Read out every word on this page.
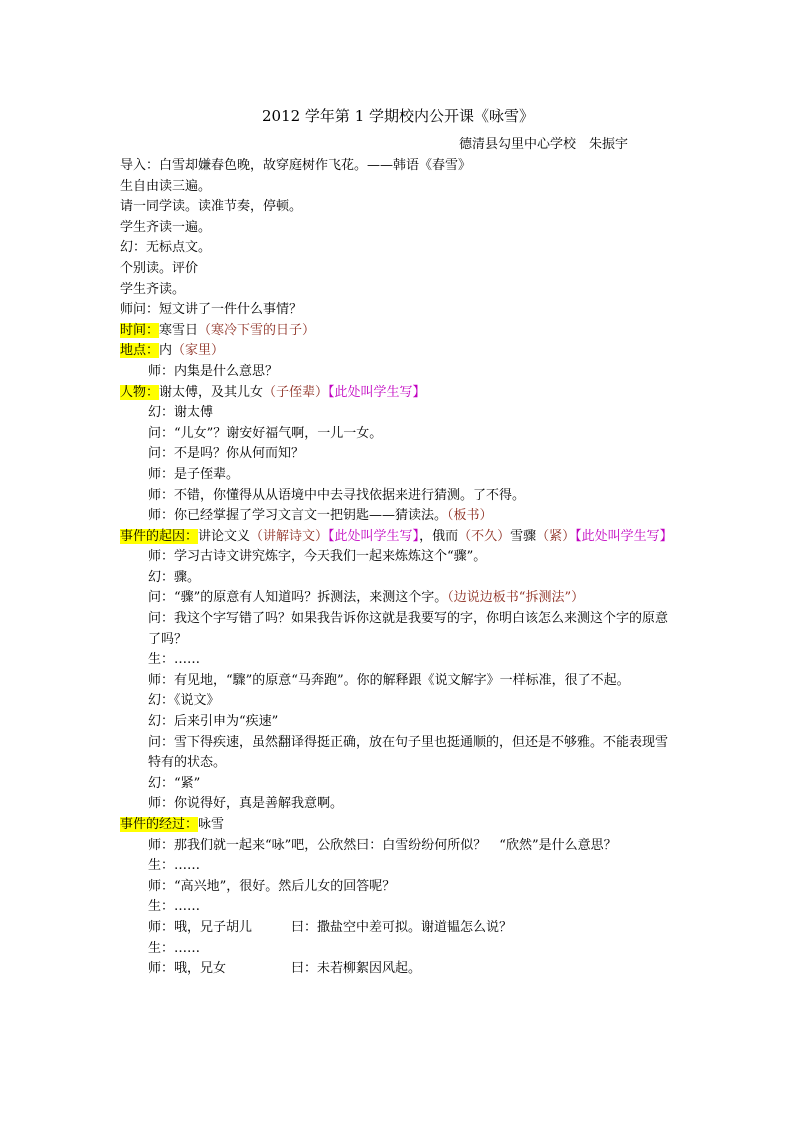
2012 学年第 1 学期校内公开课《咏雪》
德清县勾里中心学校　朱振宇
导入：白雪却嫌春色晚，故穿庭树作飞花。——韩语《春雪》
生自由读三遍。
请一同学读。读准节奏，停顿。
学生齐读一遍。
幻：无标点文。
个别读。评价
学生齐读。
师问：短文讲了一件什么事情？
时间：寒雪日（寒冷下雪的日子）
地点：内（家里）
师：内集是什么意思？
人物：谢太傅，及其儿女（子侄辈）【此处叫学生写】
幻：谢太傅
问：“儿女”？谢安好福气啊，一儿一女。
问：不是吗？你从何而知？
师：是子侄辈。
师：不错，你懂得从从语境中中去寻找依据来进行猜测。了不得。
师：你已经掌握了学习文言文一把钥匙——猜读法。（板书）
事件的起因：讲论文义（讲解诗文）【此处叫学生写】，俄而（不久）雪骤（紧）【此处叫学生写】
师：学习古诗文讲究炼字，今天我们一起来炼炼这个“骤”。
幻：骤。
问：“骤”的原意有人知道吗？拆测法，来测这个字。（边说边板书“拆测法”）
问：我这个字写错了吗？如果我告诉你这就是我要写的字，你明白该怎么来测这个字的原意了吗？
生：……
师：有见地，“驟”的原意“马奔跑”。你的解释跟《说文解字》一样标准，很了不起。
幻：《说文》
幻：后来引申为“疾速”
问：雪下得疾速，虽然翻译得挺正确，放在句子里也挺通顺的，但还是不够雅。不能表现雪特有的状态。
幻：“紧”
师：你说得好，真是善解我意啊。
事件的经过：咏雪
师：那我们就一起来“咏”吧，公欣然曰：白雪纷纷何所似？　“欣然”是什么意思？
生：……
师：“高兴地”，很好。然后儿女的回答呢？
生：……
师：哦，兄子胡儿　　　曰：撒盐空中差可拟。谢道韫怎么说？
生：……
师：哦，兄女　　　　　曰：未若柳絮因风起。
